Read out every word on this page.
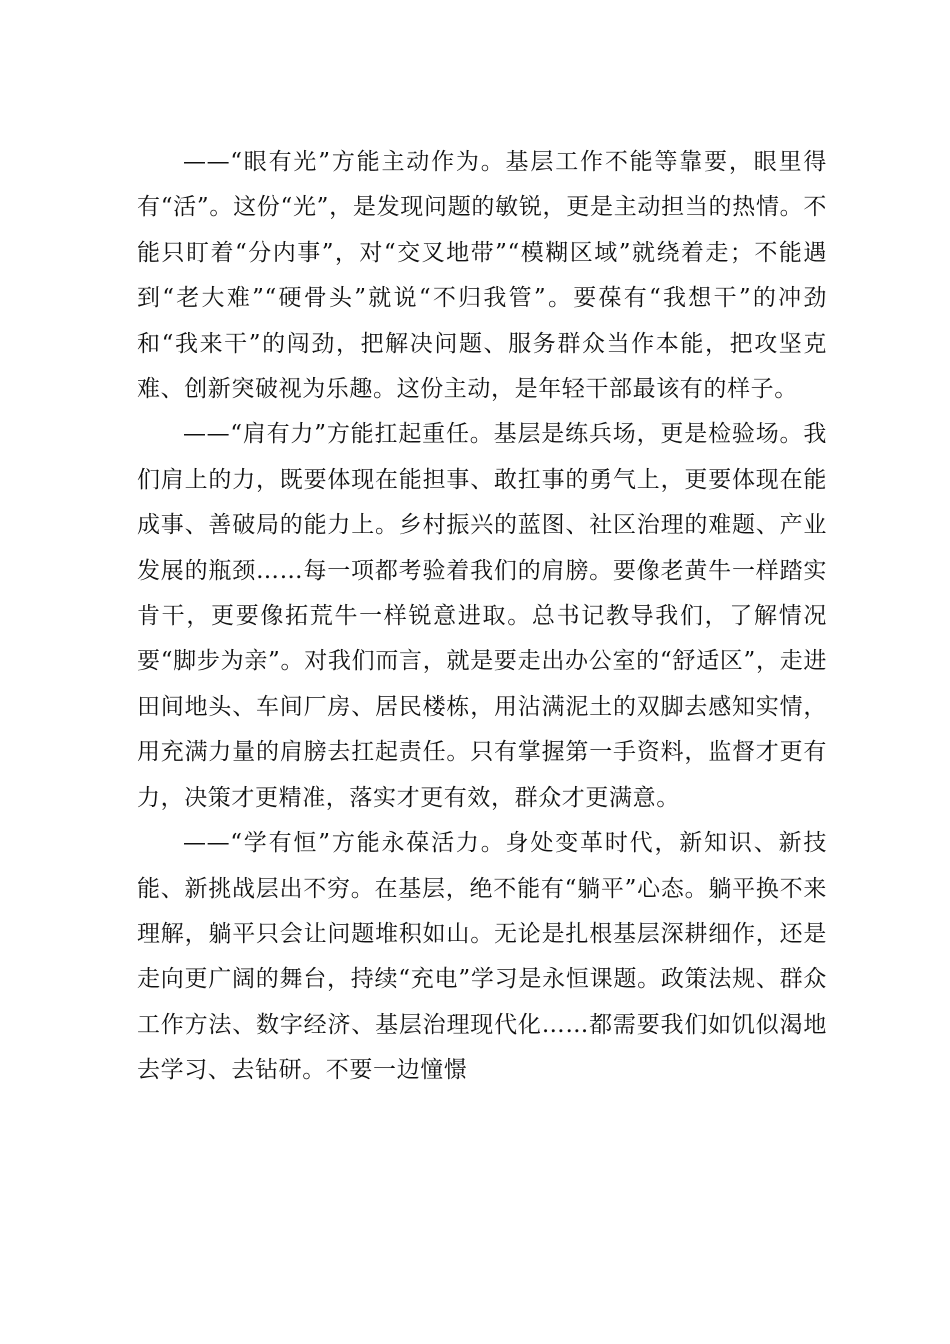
——“眼有光”方能主动作为。基层工作不能等靠要，眼里得有“活”。这份“光”，是发现问题的敏锐，更是主动担当的热情。不能只盯着“分内事”，对“交叉地带”“模糊区域”就绕着走；不能遇到“老大难”“硬骨头”就说“不归我管”。要葆有“我想干”的冲劲和“我来干”的闯劲，把解决问题、服务群众当作本能，把攻坚克难、创新突破视为乐趣。这份主动，是年轻干部最该有的样子。

——“肩有力”方能扛起重任。基层是练兵场，更是检验场。我们肩上的力，既要体现在能担事、敢扛事的勇气上，更要体现在能成事、善破局的能力上。乡村振兴的蓝图、社区治理的难题、产业发展的瓶颈……每一项都考验着我们的肩膀。要像老黄牛一样踏实肯干，更要像拓荒牛一样锐意进取。总书记教导我们，了解情况要“脚步为亲”。对我们而言，就是要走出办公室的“舒适区”，走进田间地头、车间厂房、居民楼栋，用沾满泥土的双脚去感知实情，用充满力量的肩膀去扛起责任。只有掌握第一手资料，监督才更有力，决策才更精准，落实才更有效，群众才更满意。

——“学有恒”方能永葆活力。身处变革时代，新知识、新技能、新挑战层出不穷。在基层，绝不能有“躺平”心态。躺平换不来理解，躺平只会让问题堆积如山。无论是扎根基层深耕细作，还是走向更广阔的舞台，持续“充电”学习是永恒课题。政策法规、群众工作方法、数字经济、基层治理现代化……都需要我们如饥似渴地去学习、去钻研。不要一边憧憬
